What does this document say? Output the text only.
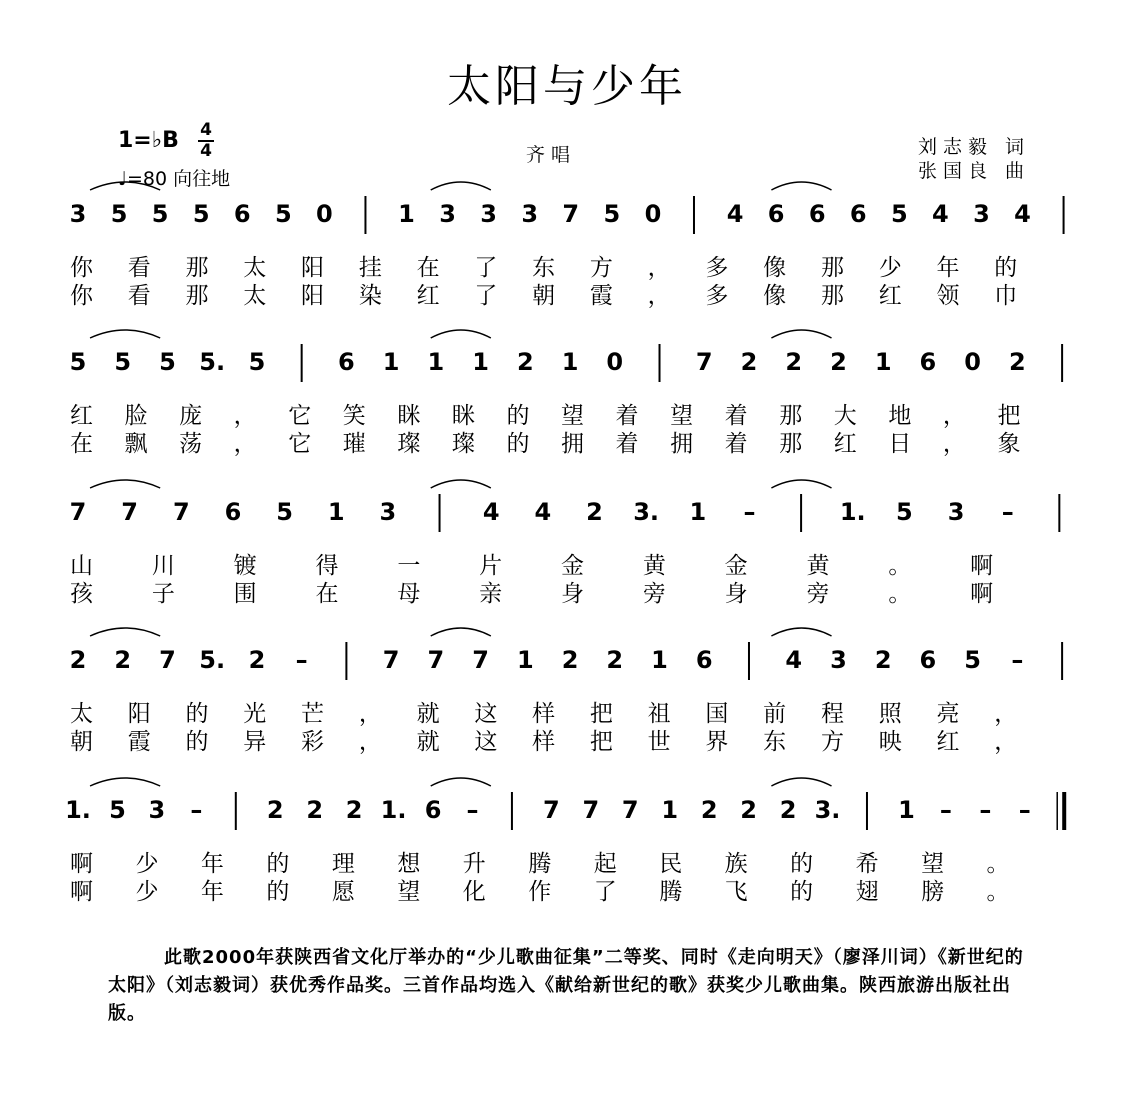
太阳与少年
1=♭B 4
4
♩=80 向往地
齐唱	刘志毅 词
张国良 曲
3 5 5 5 6 5 0	1 3 3 3 7 5 0	4 6 6 6 5 4 3 4
你 看 那 太 阳 挂 在 了 东 方 ， 多 像 那 少 年 的
你 看 那 太 阳 染 红 了 朝 霞 ， 多 像 那 红 领 巾
5 5 5 5. 5	6 1 1 1 2 1 0	7 2 2 2 1 6 0 2
红 脸 庞 ， 它 笑 眯 眯 的 望 着 望 着 那 大 地 ， 把
在 飘 荡 ， 它 璀 璨 璨 的 拥 着 拥 着 那 红 日 ， 象
7 7 7 6 5 1 3	4 4 2 3. 1 –	1. 5 3 –
山	川	镀	得	一	片	金	黄	金	黄	。	啊
孩	子	围	在	母	亲	身	旁	身	旁	。	啊
2 2 7 5. 2 –	7 7 7 1 2 2 1 6	4 3 2 6 5 –
太 阳 的 光 芒 ， 就 这 样 把 祖 国 前 程 照 亮 ，
朝 霞 的 异 彩 ， 就 这 样 把 世 界 东 方 映 红 ，
1. 5 3 –	2 2 2 1. 6 –	7 7 7 1 2 2 2 3. 1 – – –
啊 少 年 的 理 想 升 腾 起 民 族 的 希 望 。
啊 少 年 的 愿 望 化 作 了 腾 飞 的 翅 膀 。
此歌2000年获陕西省文化厅举办的“少儿歌曲征集”二等奖、同时《走向明天》（廖泽川词）《新世纪的太阳》（刘志毅词）获优秀作品奖。三首作品均选入《献给新世纪的歌》获奖少儿歌曲集。陕西旅游出版社出版。
